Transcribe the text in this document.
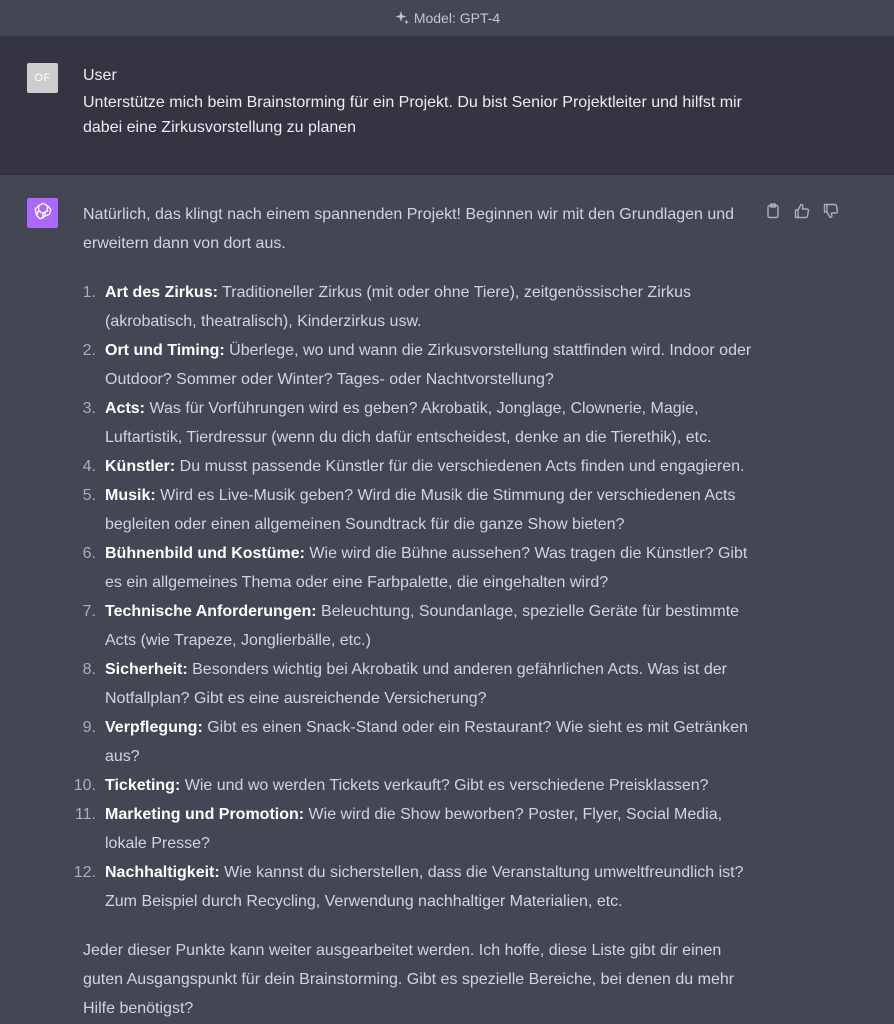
Model: GPT-4
OF User
Unterstütze mich beim Brainstorming für ein Projekt. Du bist Senior Projektleiter und hilfst mir dabei eine Zirkusvorstellung zu planen

Natürlich, das klingt nach einem spannenden Projekt! Beginnen wir mit den Grundlagen und erweitern dann von dort aus.

1. Art des Zirkus: Traditioneller Zirkus (mit oder ohne Tiere), zeitgenössischer Zirkus (akrobatisch, theatralisch), Kinderzirkus usw.
2. Ort und Timing: Überlege, wo und wann die Zirkusvorstellung stattfinden wird. Indoor oder Outdoor? Sommer oder Winter? Tages- oder Nachtvorstellung?
3. Acts: Was für Vorführungen wird es geben? Akrobatik, Jonglage, Clownerie, Magie, Luftartistik, Tierdressur (wenn du dich dafür entscheidest, denke an die Tierethik), etc.
4. Künstler: Du musst passende Künstler für die verschiedenen Acts finden und engagieren.
5. Musik: Wird es Live-Musik geben? Wird die Musik die Stimmung der verschiedenen Acts begleiten oder einen allgemeinen Soundtrack für die ganze Show bieten?
6. Bühnenbild und Kostüme: Wie wird die Bühne aussehen? Was tragen die Künstler? Gibt es ein allgemeines Thema oder eine Farbpalette, die eingehalten wird?
7. Technische Anforderungen: Beleuchtung, Soundanlage, spezielle Geräte für bestimmte Acts (wie Trapeze, Jonglierbälle, etc.)
8. Sicherheit: Besonders wichtig bei Akrobatik und anderen gefährlichen Acts. Was ist der Notfallplan? Gibt es eine ausreichende Versicherung?
9. Verpflegung: Gibt es einen Snack-Stand oder ein Restaurant? Wie sieht es mit Getränken aus?
10. Ticketing: Wie und wo werden Tickets verkauft? Gibt es verschiedene Preisklassen?
11. Marketing und Promotion: Wie wird die Show beworben? Poster, Flyer, Social Media, lokale Presse?
12. Nachhaltigkeit: Wie kannst du sicherstellen, dass die Veranstaltung umweltfreundlich ist? Zum Beispiel durch Recycling, Verwendung nachhaltiger Materialien, etc.

Jeder dieser Punkte kann weiter ausgearbeitet werden. Ich hoffe, diese Liste gibt dir einen guten Ausgangspunkt für dein Brainstorming. Gibt es spezielle Bereiche, bei denen du mehr Hilfe benötigst?
